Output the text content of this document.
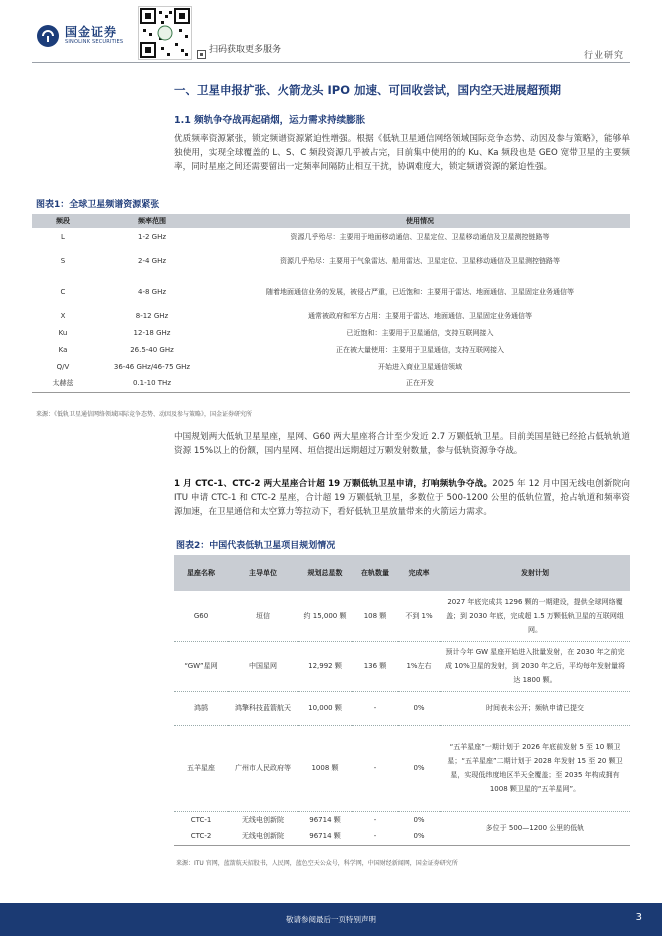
国金证券
SINOLINK SECURITIES
扫码获取更多服务
行业研究
一、卫星申报扩张、火箭龙头 IPO 加速、可回收尝试，国内空天进展超预期
1.1 频轨争夺战再起硝烟，运力需求持续膨胀
优质频率资源紧张，锁定频谱资源紧迫性增强。根据《低轨卫星通信网络领域国际竞争态势、动因及参与策略》，能够单独使用，实现全球覆盖的 L、S、C 频段资源几乎被占完，目前集中使用的的 Ku、Ka 频段也是 GEO 宽带卫星的主要频率，同时星座之间还需要留出一定频率间隔防止相互干扰，协调难度大，锁定频谱资源的紧迫性强。
图表1：全球卫星频谱资源紧张
频段	频率范围	使用情况
L	1-2 GHz	资源几乎殆尽：主要用于地面移动通信、卫星定位、卫星移动通信及卫星测控链路等
S	2-4 GHz	资源几乎殆尽：主要用于气象雷达、船用雷达、卫星定位、卫星移动通信及卫星测控链路等
C	4-8 GHz	随着地面通信业务的发展，被侵占严重，已近饱和：主要用于雷达、地面通信、卫星固定业务通信等
X	8-12 GHz	通常被政府和军方占用：主要用于雷达、地面通信、卫星固定业务通信等
Ku	12-18 GHz	已近饱和：主要用于卫星通信，支持互联网接入
Ka	26.5-40 GHz	正在被大量使用：主要用于卫星通信，支持互联网接入
Q/V	36-46 GHz/46-75 GHz	开始进入商业卫星通信领域
太赫兹	0.1-10 THz	正在开发
来源：《低轨卫星通信网络领域国际竞争态势、动因及参与策略》，国金证券研究所
中国规划两大低轨卫星星座，星网、G60 两大星座将合计至少发近 2.7 万颗低轨卫星。目前美国星链已经抢占低轨轨道资源 15%以上的份额，国内星网、垣信提出远期超过万颗发射数量，参与低轨资源争夺战。
1 月 CTC-1、CTC-2 两大星座合计超 19 万颗低轨卫星申请，打响频轨争夺战。2025 年 12 月中国无线电创新院向 ITU 申请 CTC-1 和 CTC-2 星座，合计超 19 万颗低轨卫星，多数位于 500-1200 公里的低轨位置，抢占轨道和频率资源加速，在卫星通信和太空算力等拉动下，看好低轨卫星放量带来的火箭运力需求。
图表2：中国代表低轨卫星项目规划情况
星座名称	主导单位	规划总星数	在轨数量	完成率	发射计划
G60	垣信	约 15,000 颗	108 颗	不到 1%	2027 年底完成共 1296 颗的一期建设，提供全球网络覆盖；到 2030 年底，完成超 1.5 万颗低轨卫星的互联网组网。
“GW”星网	中国星网	12,992 颗	136 颗	1%左右	预计今年 GW 星座开始进入批量发射，在 2030 年之前完成 10%卫星的发射，到 2030 年之后，平均每年发射量将达 1800 颗。
鸿鹄	鸿擎科技蓝箭航天	10,000 颗	-	0%	时间表未公开；频轨申请已提交
五羊星座	广州市人民政府等	1008 颗	-	0%	“五羊星座”一期计划于 2026 年底前发射 5 至 10 颗卫星；“五羊星座”二期计划于 2028 年发射 15 至 20 颗卫星，实现低纬度地区半天全覆盖；至 2035 年构成拥有 1008 颗卫星的“五羊星网”。
CTC-1	无线电创新院	96714 颗	-	0%	多位于 500—1200 公里的低轨
CTC-2	无线电创新院	96714 颗	-	0%	
来源：ITU 官网，蓝箭航天招股书，人民网，蓝色空天公众号，科学网，中国财经新闻网，国金证券研究所
敬请参阅最后一页特别声明	3
